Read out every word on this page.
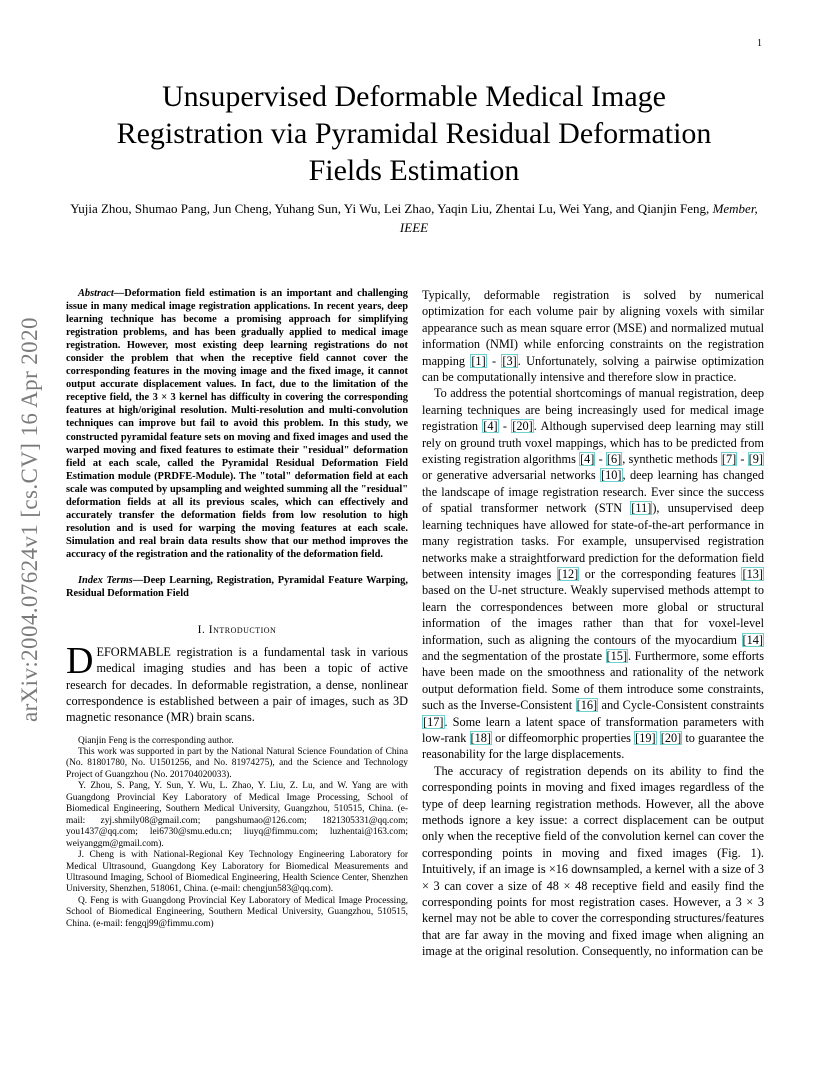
1
arXiv:2004.07624v1 [cs.CV] 16 Apr 2020
Unsupervised Deformable Medical Image
Registration via Pyramidal Residual Deformation
Fields Estimation
Yujia Zhou, Shumao Pang, Jun Cheng, Yuhang Sun, Yi Wu, Lei Zhao, Yaqin Liu, Zhentai Lu, Wei Yang, and Qianjin Feng, Member, IEEE

Abstract—Deformation field estimation is an important and challenging issue in many medical image registration applications. In recent years, deep learning technique has become a promising approach for simplifying registration problems, and has been gradually applied to medical image registration. However, most existing deep learning registrations do not consider the problem that when the receptive field cannot cover the corresponding features in the moving image and the fixed image, it cannot output accurate displacement values. In fact, due to the limitation of the receptive field, the 3 × 3 kernel has difficulty in covering the corresponding features at high/original resolution. Multi-resolution and multi-convolution techniques can improve but fail to avoid this problem. In this study, we constructed pyramidal feature sets on moving and fixed images and used the warped moving and fixed features to estimate their "residual" deformation field at each scale, called the Pyramidal Residual Deformation Field Estimation module (PRDFE-Module). The "total" deformation field at each scale was computed by upsampling and weighted summing all the "residual" deformation fields at all its previous scales, which can effectively and accurately transfer the deformation fields from low resolution to high resolution and is used for warping the moving features at each scale. Simulation and real brain data results show that our method improves the accuracy of the registration and the rationality of the deformation field.

Index Terms—Deep Learning, Registration, Pyramidal Feature Warping, Residual Deformation Field

I. Introduction

DEFORMABLE registration is a fundamental task in various medical imaging studies and has been a topic of active research for decades. In deformable registration, a dense, nonlinear correspondence is established between a pair of images, such as 3D magnetic resonance (MR) brain scans.

Qianjin Feng is the corresponding author.

This work was supported in part by the National Natural Science Foundation of China (No. 81801780, No. U1501256, and No. 81974275), and the Science and Technology Project of Guangzhou (No. 201704020033).

Y. Zhou, S. Pang, Y. Sun, Y. Wu, L. Zhao, Y. Liu, Z. Lu, and W. Yang are with Guangdong Provincial Key Laboratory of Medical Image Processing, School of Biomedical Engineering, Southern Medical University, Guangzhou, 510515, China. (e-mail: zyj.shmily08@gmail.com; pangshumao@126.com; 1821305331@qq.com; you1437@qq.com; lei6730@smu.edu.cn; liuyq@fimmu.com; luzhentai@163.com; weiyanggm@gmail.com).

J. Cheng is with National-Regional Key Technology Engineering Laboratory for Medical Ultrasound, Guangdong Key Laboratory for Biomedical Measurements and Ultrasound Imaging, School of Biomedical Engineering, Health Science Center, Shenzhen University, Shenzhen, 518061, China. (e-mail: chengjun583@qq.com).

Q. Feng is with Guangdong Provincial Key Laboratory of Medical Image Processing, School of Biomedical Engineering, Southern Medical University, Guangzhou, 510515, China. (e-mail: fengqj99@fimmu.com)

Typically, deformable registration is solved by numerical optimization for each volume pair by aligning voxels with similar appearance such as mean square error (MSE) and normalized mutual information (NMI) while enforcing constraints on the registration mapping [1] - [3]. Unfortunately, solving a pairwise optimization can be computationally intensive and therefore slow in practice.

To address the potential shortcomings of manual registration, deep learning techniques are being increasingly used for medical image registration [4] - [20]. Although supervised deep learning may still rely on ground truth voxel mappings, which has to be predicted from existing registration algorithms [4] - [6], synthetic methods [7] - [9] or generative adversarial networks [10], deep learning has changed the landscape of image registration research. Ever since the success of spatial transformer network (STN [11]), unsupervised deep learning techniques have allowed for state-of-the-art performance in many registration tasks. For example, unsupervised registration networks make a straightforward prediction for the deformation field between intensity images [12] or the corresponding features [13] based on the U-net structure. Weakly supervised methods attempt to learn the correspondences between more global or structural information of the images rather than that for voxel-level information, such as aligning the contours of the myocardium [14] and the segmentation of the prostate [15]. Furthermore, some efforts have been made on the smoothness and rationality of the network output deformation field. Some of them introduce some constraints, such as the Inverse-Consistent [16] and Cycle-Consistent constraints [17]. Some learn a latent space of transformation parameters with low-rank [18] or diffeomorphic properties [19] [20] to guarantee the reasonability for the large displacements.

The accuracy of registration depends on its ability to find the corresponding points in moving and fixed images regardless of the type of deep learning registration methods. However, all the above methods ignore a key issue: a correct displacement can be output only when the receptive field of the convolution kernel can cover the corresponding points in moving and fixed images (Fig. 1). Intuitively, if an image is ×16 downsampled, a kernel with a size of 3 × 3 can cover a size of 48 × 48 receptive field and easily find the corresponding points for most registration cases. However, a 3 × 3 kernel may not be able to cover the corresponding structures/features that are far away in the moving and fixed image when aligning an image at the original resolution. Consequently, no information can be
